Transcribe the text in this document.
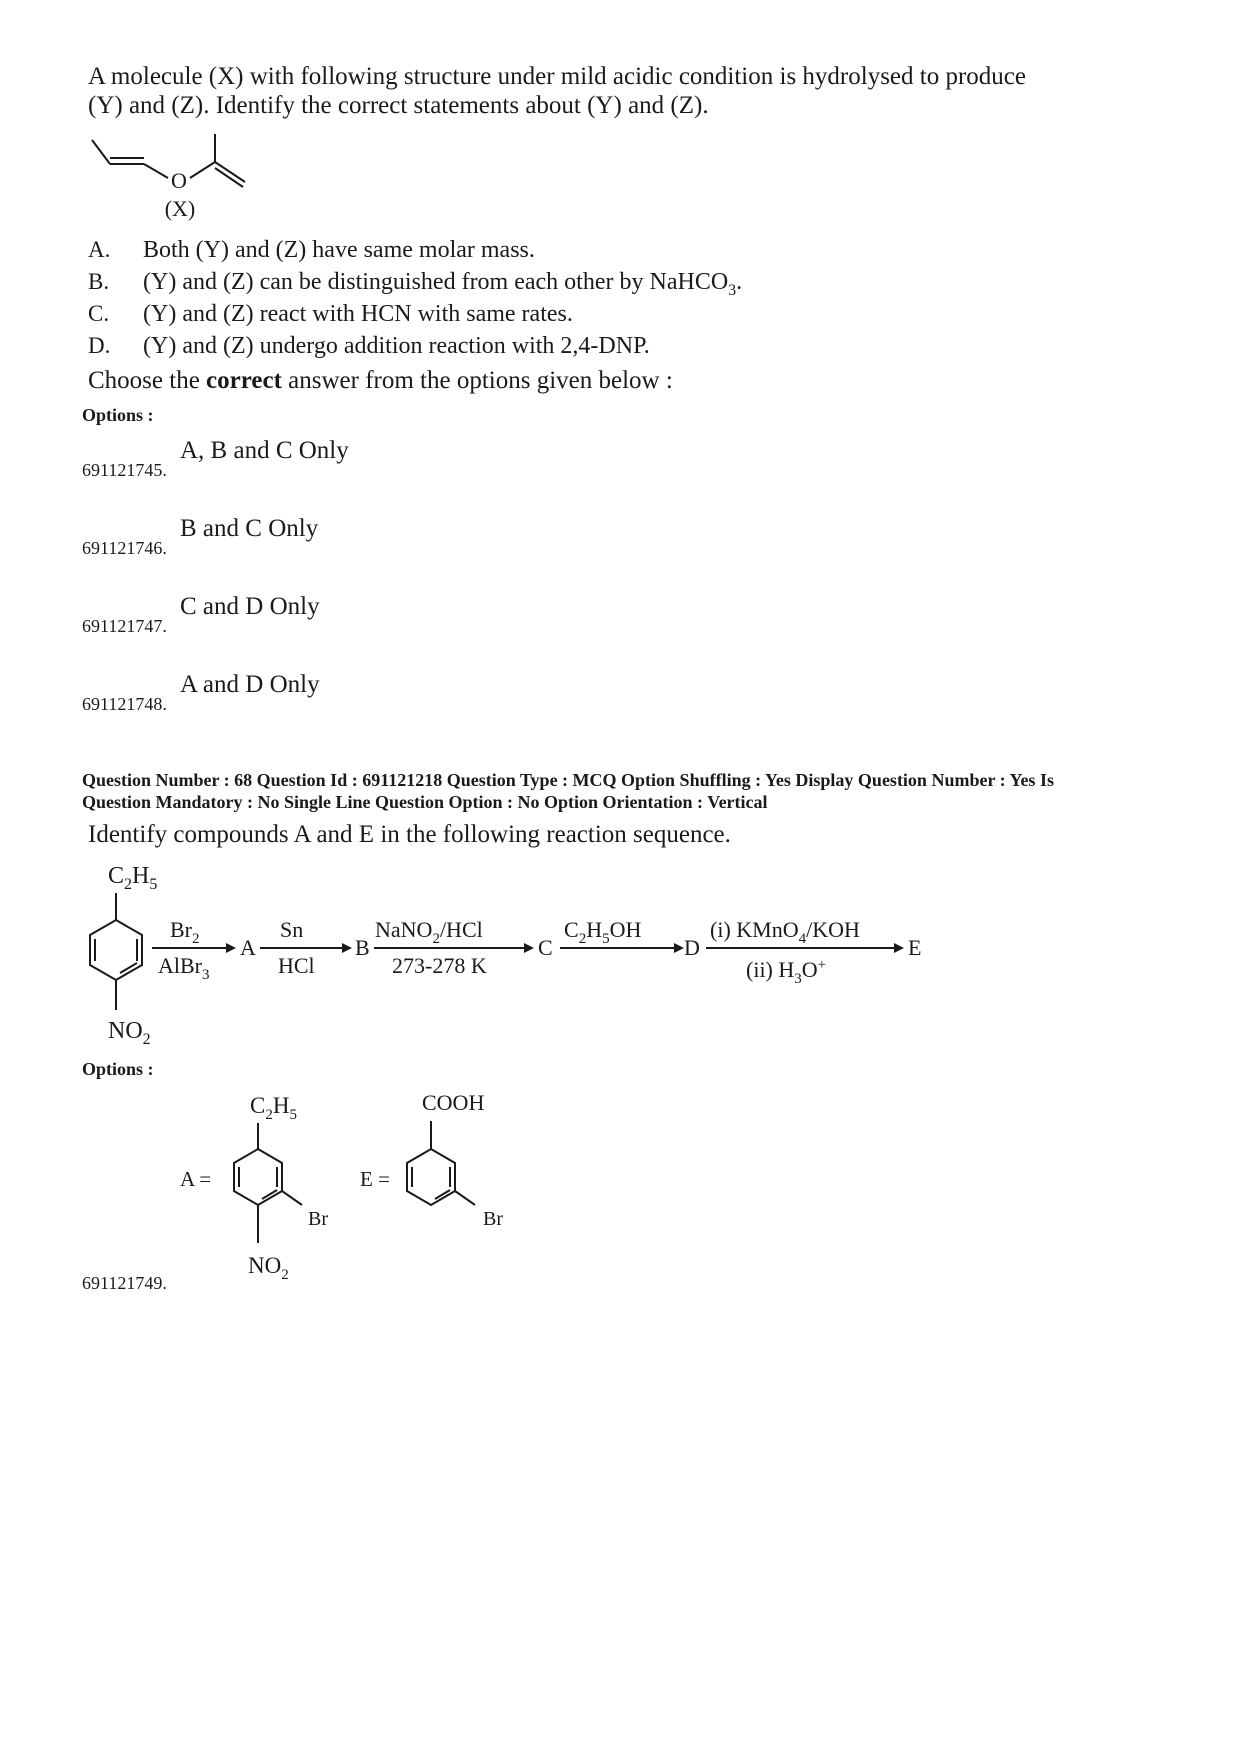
A molecule (X) with following structure under mild acidic condition is hydrolysed to produce
(Y) and (Z). Identify the correct statements about (Y) and (Z).
O
(X)
A. Both (Y) and (Z) have same molar mass.
B. (Y) and (Z) can be distinguished from each other by NaHCO$_3$.
C. (Y) and (Z) react with HCN with same rates.
D. (Y) and (Z) undergo addition reaction with 2,4-DNP.
Choose the correct answer from the options given below :
Options :
A, B and C Only
691121745.
B and C Only
691121746.
C and D Only
691121747.
A and D Only
691121748.
Question Number : 68 Question Id : 691121218 Question Type : MCQ Option Shuffling : Yes Display Question Number : Yes Is
Question Mandatory : No Single Line Question Option : No Option Orientation : Vertical
Identify compounds A and E in the following reaction sequence.
$C_2H_5$
$NO_2$
$Br_2$
AlBr$_3$
A
Sn
HCl
B
NaNO$_2$/HCl
273-278 K
C
$C_2H_5OH$
D
(i) KMnO$_4$/KOH
(ii) $H_3O^+$
E
Options :
$C_2H_5$
A =
Br
$NO_2$
COOH
E =
Br
691121749.
